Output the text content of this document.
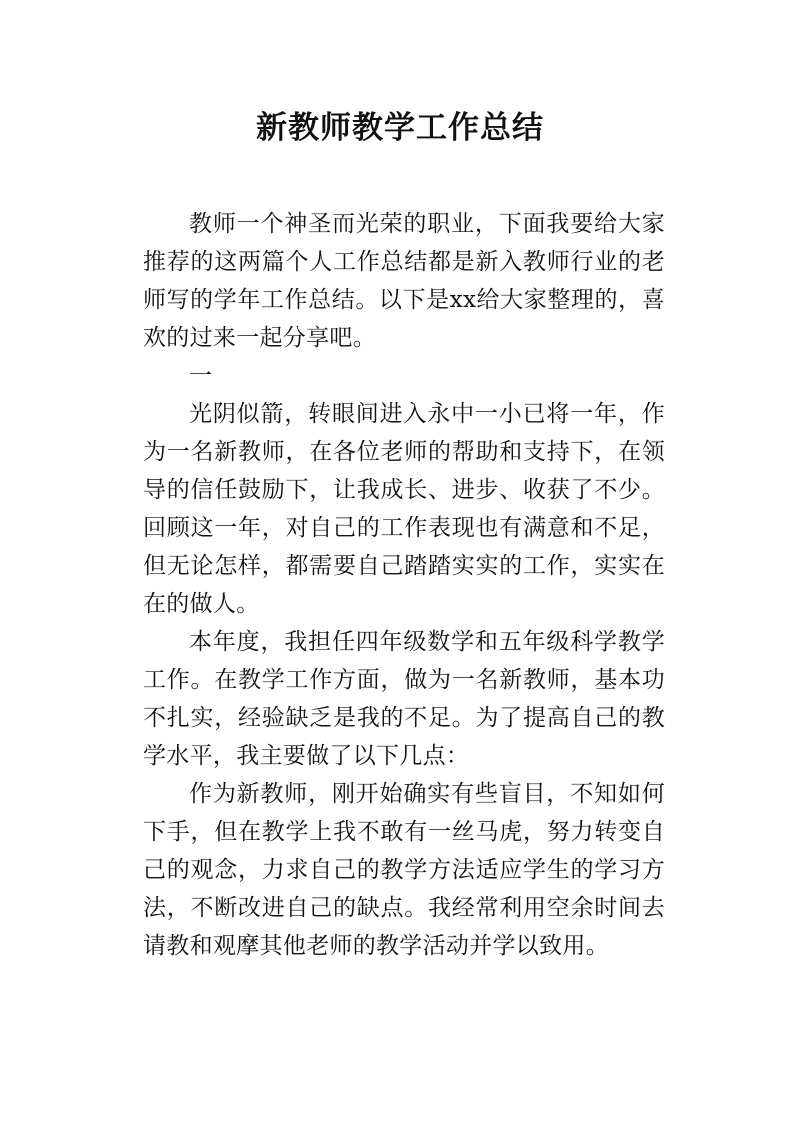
新教师教学工作总结

教师一个神圣而光荣的职业，下面我要给大家推荐的这两篇个人工作总结都是新入教师行业的老师写的学年工作总结。以下是xx给大家整理的，喜欢的过来一起分享吧。

一

光阴似箭，转眼间进入永中一小已将一年，作为一名新教师，在各位老师的帮助和支持下，在领导的信任鼓励下，让我成长、进步、收获了不少。回顾这一年，对自己的工作表现也有满意和不足，但无论怎样，都需要自己踏踏实实的工作，实实在在的做人。

本年度，我担任四年级数学和五年级科学教学工作。在教学工作方面，做为一名新教师，基本功不扎实，经验缺乏是我的不足。为了提高自己的教学水平，我主要做了以下几点：

作为新教师，刚开始确实有些盲目，不知如何下手，但在教学上我不敢有一丝马虎，努力转变自己的观念，力求自己的教学方法适应学生的学习方法，不断改进自己的缺点。我经常利用空余时间去请教和观摩其他老师的教学活动并学以致用。
